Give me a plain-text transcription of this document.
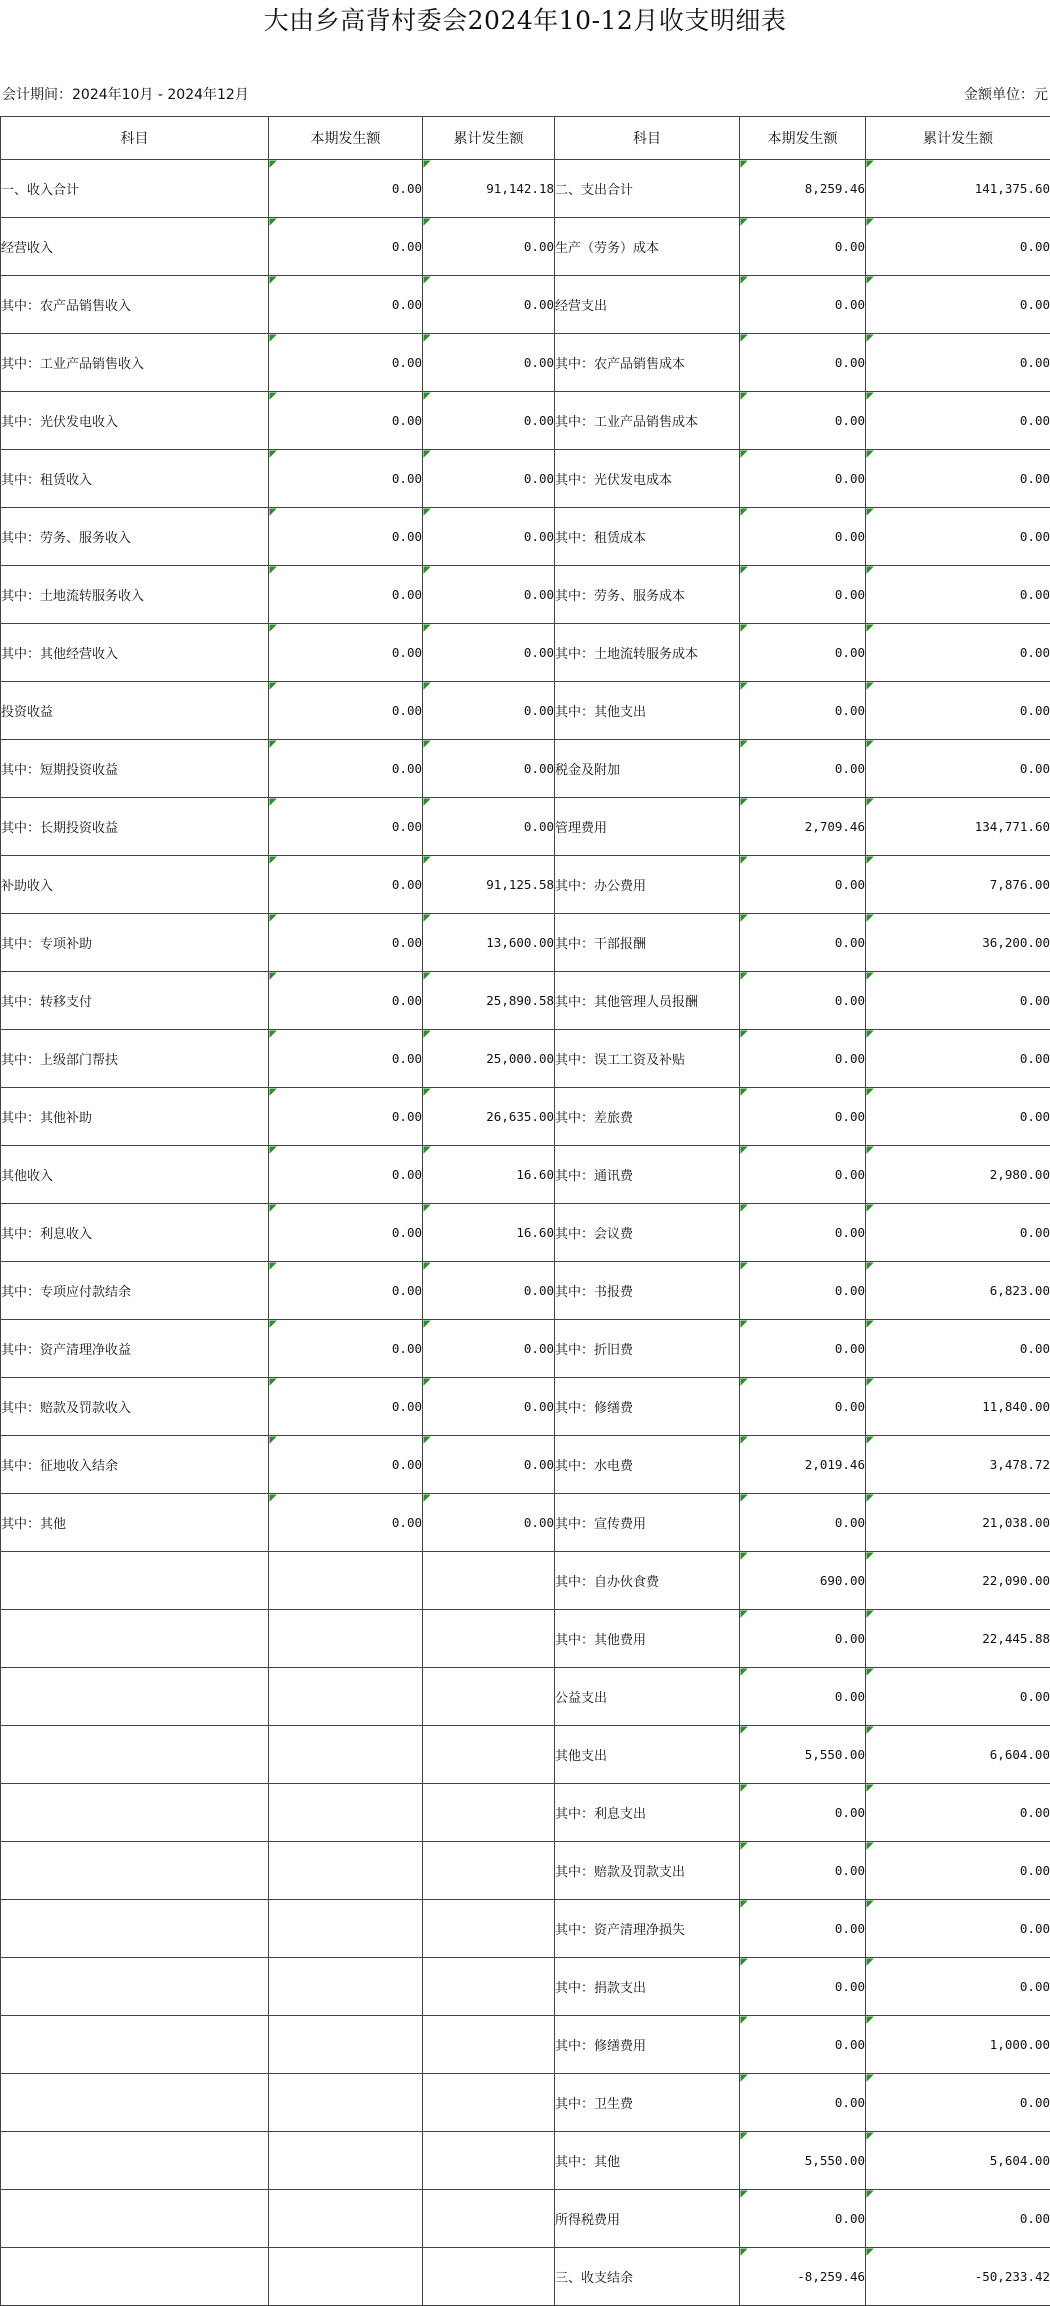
大由乡高背村委会2024年10-12月收支明细表
会计期间：2024年10月 - 2024年12月	金额单位：元
科目	本期发生额	累计发生额	科目	本期发生额	累计发生额
一、收入合计	0.00	91,142.18	二、支出合计	8,259.46	141,375.60
经营收入	0.00	0.00	生产（劳务）成本	0.00	0.00
其中：农产品销售收入	0.00	0.00	经营支出	0.00	0.00
其中：工业产品销售收入	0.00	0.00	其中：农产品销售成本	0.00	0.00
其中：光伏发电收入	0.00	0.00	其中：工业产品销售成本	0.00	0.00
其中：租赁收入	0.00	0.00	其中：光伏发电成本	0.00	0.00
其中：劳务、服务收入	0.00	0.00	其中：租赁成本	0.00	0.00
其中：土地流转服务收入	0.00	0.00	其中：劳务、服务成本	0.00	0.00
其中：其他经营收入	0.00	0.00	其中：土地流转服务成本	0.00	0.00
投资收益	0.00	0.00	其中：其他支出	0.00	0.00
其中：短期投资收益	0.00	0.00	税金及附加	0.00	0.00
其中：长期投资收益	0.00	0.00	管理费用	2,709.46	134,771.60
补助收入	0.00	91,125.58	其中：办公费用	0.00	7,876.00
其中：专项补助	0.00	13,600.00	其中：干部报酬	0.00	36,200.00
其中：转移支付	0.00	25,890.58	其中：其他管理人员报酬	0.00	0.00
其中：上级部门帮扶	0.00	25,000.00	其中：误工工资及补贴	0.00	0.00
其中：其他补助	0.00	26,635.00	其中：差旅费	0.00	0.00
其他收入	0.00	16.60	其中：通讯费	0.00	2,980.00
其中：利息收入	0.00	16.60	其中：会议费	0.00	0.00
其中：专项应付款结余	0.00	0.00	其中：书报费	0.00	6,823.00
其中：资产清理净收益	0.00	0.00	其中：折旧费	0.00	0.00
其中：赔款及罚款收入	0.00	0.00	其中：修缮费	0.00	11,840.00
其中：征地收入结余	0.00	0.00	其中：水电费	2,019.46	3,478.72
其中：其他	0.00	0.00	其中：宣传费用	0.00	21,038.00
			其中：自办伙食费	690.00	22,090.00
			其中：其他费用	0.00	22,445.88
			公益支出	0.00	0.00
			其他支出	5,550.00	6,604.00
			其中：利息支出	0.00	0.00
			其中：赔款及罚款支出	0.00	0.00
			其中：资产清理净损失	0.00	0.00
			其中：捐款支出	0.00	0.00
			其中：修缮费用	0.00	1,000.00
			其中：卫生费	0.00	0.00
			其中：其他	5,550.00	5,604.00
			所得税费用	0.00	0.00
			三、收支结余	-8,259.46	-50,233.42
